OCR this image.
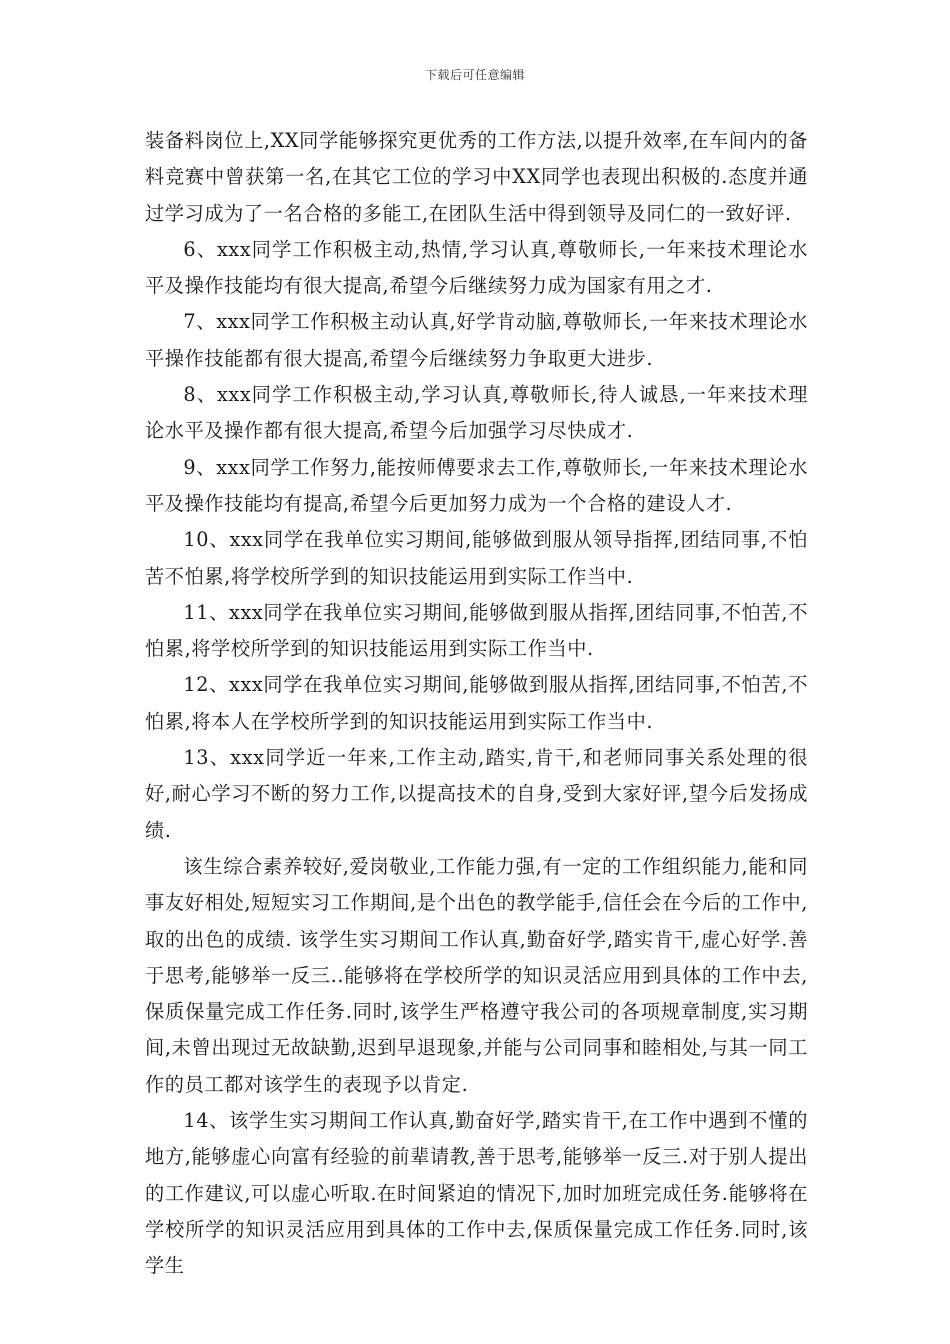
下载后可任意编辑

装备料岗位上,XX同学能够探究更优秀的工作方法,以提升效率,在车间内的备料竞赛中曾获第一名,在其它工位的学习中XX同学也表现出积极的.态度并通过学习成为了一名合格的多能工,在团队生活中得到领导及同仁的一致好评.

6、xxx同学工作积极主动,热情,学习认真,尊敬师长,一年来技术理论水平及操作技能均有很大提高,希望今后继续努力成为国家有用之才.

7、xxx同学工作积极主动认真,好学肯动脑,尊敬师长,一年来技术理论水平操作技能都有很大提高,希望今后继续努力争取更大进步.

8、xxx同学工作积极主动,学习认真,尊敬师长,待人诚恳,一年来技术理论水平及操作都有很大提高,希望今后加强学习尽快成才.

9、xxx同学工作努力,能按师傅要求去工作,尊敬师长,一年来技术理论水平及操作技能均有提高,希望今后更加努力成为一个合格的建设人才.

10、xxx同学在我单位实习期间,能够做到服从领导指挥,团结同事,不怕苦不怕累,将学校所学到的知识技能运用到实际工作当中.

11、xxx同学在我单位实习期间,能够做到服从指挥,团结同事,不怕苦,不怕累,将学校所学到的知识技能运用到实际工作当中.

12、xxx同学在我单位实习期间,能够做到服从指挥,团结同事,不怕苦,不怕累,将本人在学校所学到的知识技能运用到实际工作当中.

13、xxx同学近一年来,工作主动,踏实,肯干,和老师同事关系处理的很好,耐心学习不断的努力工作,以提高技术的自身,受到大家好评,望今后发扬成绩.

该生综合素养较好,爱岗敬业,工作能力强,有一定的工作组织能力,能和同事友好相处,短短实习工作期间,是个出色的教学能手,信任会在今后的工作中,取的出色的成绩. 该学生实习期间工作认真,勤奋好学,踏实肯干,虚心好学.善于思考,能够举一反三..能够将在学校所学的知识灵活应用到具体的工作中去,保质保量完成工作任务.同时,该学生严格遵守我公司的各项规章制度,实习期间,未曾出现过无故缺勤,迟到早退现象,并能与公司同事和睦相处,与其一同工作的员工都对该学生的表现予以肯定.

14、该学生实习期间工作认真,勤奋好学,踏实肯干,在工作中遇到不懂的地方,能够虚心向富有经验的前辈请教,善于思考,能够举一反三.对于别人提出的工作建议,可以虚心听取.在时间紧迫的情况下,加时加班完成任务.能够将在学校所学的知识灵活应用到具体的工作中去,保质保量完成工作任务.同时,该学生
